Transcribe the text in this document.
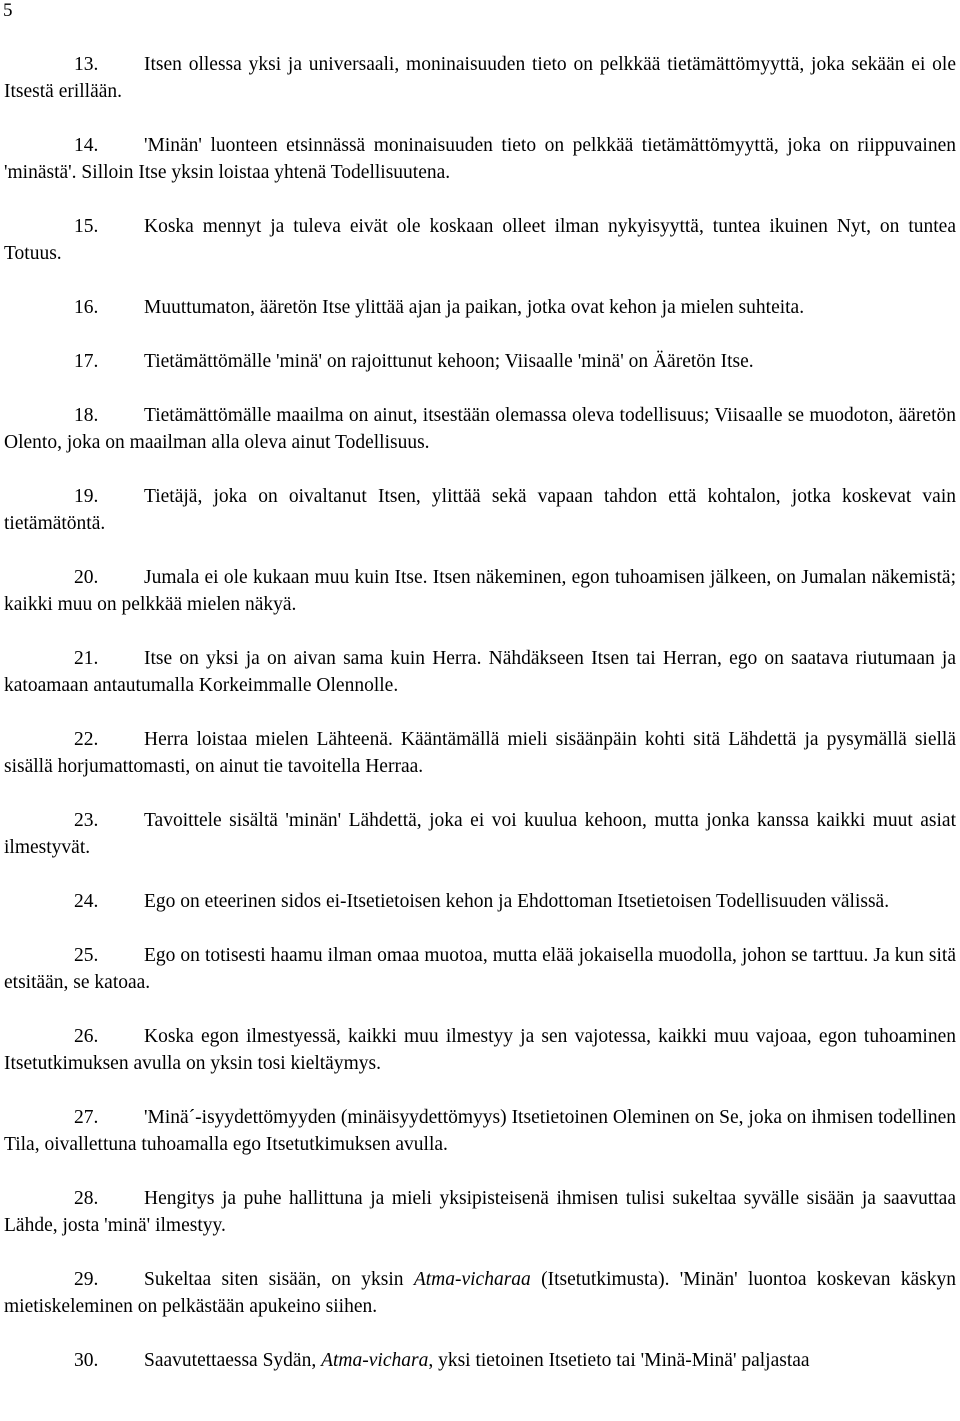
5

13. Itsen ollessa yksi ja universaali, moninaisuuden tieto on pelkkää tietämättömyyttä, joka sekään ei ole Itsestä erillään.

14. 'Minän' luonteen etsinnässä moninaisuuden tieto on pelkkää tietämättömyyttä, joka on riippuvainen 'minästä'. Silloin Itse yksin loistaa yhtenä Todellisuutena.

15. Koska mennyt ja tuleva eivät ole koskaan olleet ilman nykyisyyttä, tuntea ikuinen Nyt, on tuntea Totuus.

16. Muuttumaton, ääretön Itse ylittää ajan ja paikan, jotka ovat kehon ja mielen suhteita.

17. Tietämättömälle 'minä' on rajoittunut kehoon; Viisaalle 'minä' on Ääretön Itse.

18. Tietämättömälle maailma on ainut, itsestään olemassa oleva todellisuus; Viisaalle se muodoton, ääretön Olento, joka on maailman alla oleva ainut Todellisuus.

19. Tietäjä, joka on oivaltanut Itsen, ylittää sekä vapaan tahdon että kohtalon, jotka koskevat vain tietämätöntä.

20. Jumala ei ole kukaan muu kuin Itse. Itsen näkeminen, egon tuhoamisen jälkeen, on Jumalan näkemistä; kaikki muu on pelkkää mielen näkyä.

21. Itse on yksi ja on aivan sama kuin Herra. Nähdäkseen Itsen tai Herran, ego on saatava riutumaan ja katoamaan antautumalla Korkeimmalle Olennolle.

22. Herra loistaa mielen Lähteenä. Kääntämällä mieli sisäänpäin kohti sitä Lähdettä ja pysymällä siellä sisällä horjumattomasti, on ainut tie tavoitella Herraa.

23. Tavoittele sisältä 'minän' Lähdettä, joka ei voi kuulua kehoon, mutta jonka kanssa kaikki muut asiat ilmestyvät.

24. Ego on eteerinen sidos ei-Itsetietoisen kehon ja Ehdottoman Itsetietoisen Todellisuuden välissä.

25. Ego on totisesti haamu ilman omaa muotoa, mutta elää jokaisella muodolla, johon se tarttuu. Ja kun sitä etsitään, se katoaa.

26. Koska egon ilmestyessä, kaikki muu ilmestyy ja sen vajotessa, kaikki muu vajoaa, egon tuhoaminen Itsetutkimuksen avulla on yksin tosi kieltäymys.

27. 'Minä´-isyydettömyyden (minäisyydettömyys) Itsetietoinen Oleminen on Se, joka on ihmisen todellinen Tila, oivallettuna tuhoamalla ego Itsetutkimuksen avulla.

28. Hengitys ja puhe hallittuna ja mieli yksipisteisenä ihmisen tulisi sukeltaa syvälle sisään ja saavuttaa Lähde, josta 'minä' ilmestyy.

29. Sukeltaa siten sisään, on yksin Atma-vicharaa (Itsetutkimusta). 'Minän' luontoa koskevan käskyn mietiskeleminen on pelkästään apukeino siihen.

30. Saavutettaessa Sydän, Atma-vichara, yksi tietoinen Itsetieto tai 'Minä-Minä' paljastaa
